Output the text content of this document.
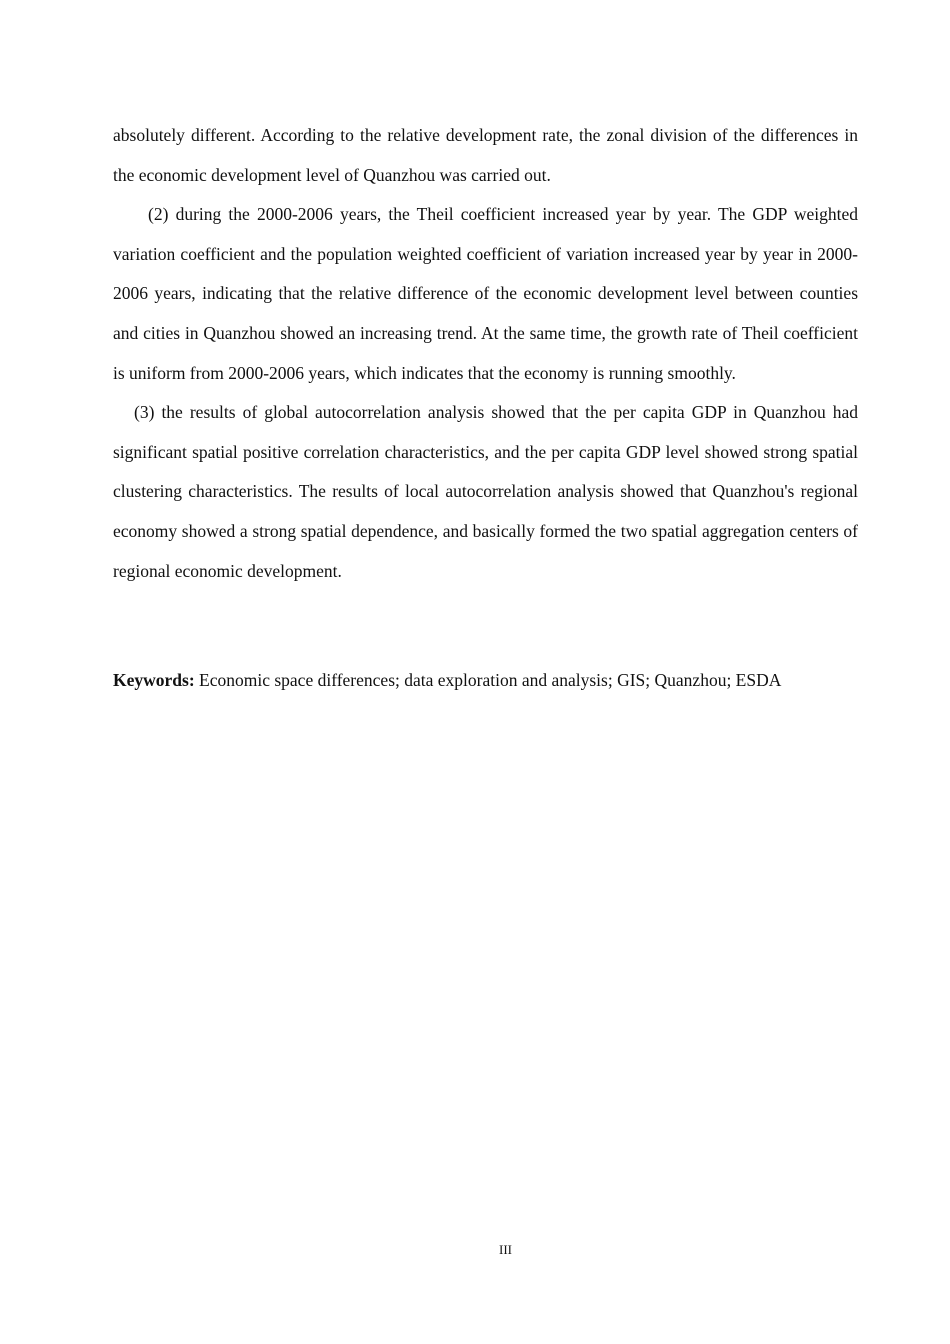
absolutely different. According to the relative development rate, the zonal division of the differences in the economic development level of Quanzhou was carried out.

(2) during the 2000-2006 years, the Theil coefficient increased year by year. The GDP weighted variation coefficient and the population weighted coefficient of variation increased year by year in 2000-2006 years, indicating that the relative difference of the economic development level between counties and cities in Quanzhou showed an increasing trend. At the same time, the growth rate of Theil coefficient is uniform from 2000-2006 years, which indicates that the economy is running smoothly.

(3) the results of global autocorrelation analysis showed that the per capita GDP in Quanzhou had significant spatial positive correlation characteristics, and the per capita GDP level showed strong spatial clustering characteristics. The results of local autocorrelation analysis showed that Quanzhou's regional economy showed a strong spatial dependence, and basically formed the two spatial aggregation centers of regional economic development.

Keywords: Economic space differences; data exploration and analysis; GIS; Quanzhou; ESDA

III
